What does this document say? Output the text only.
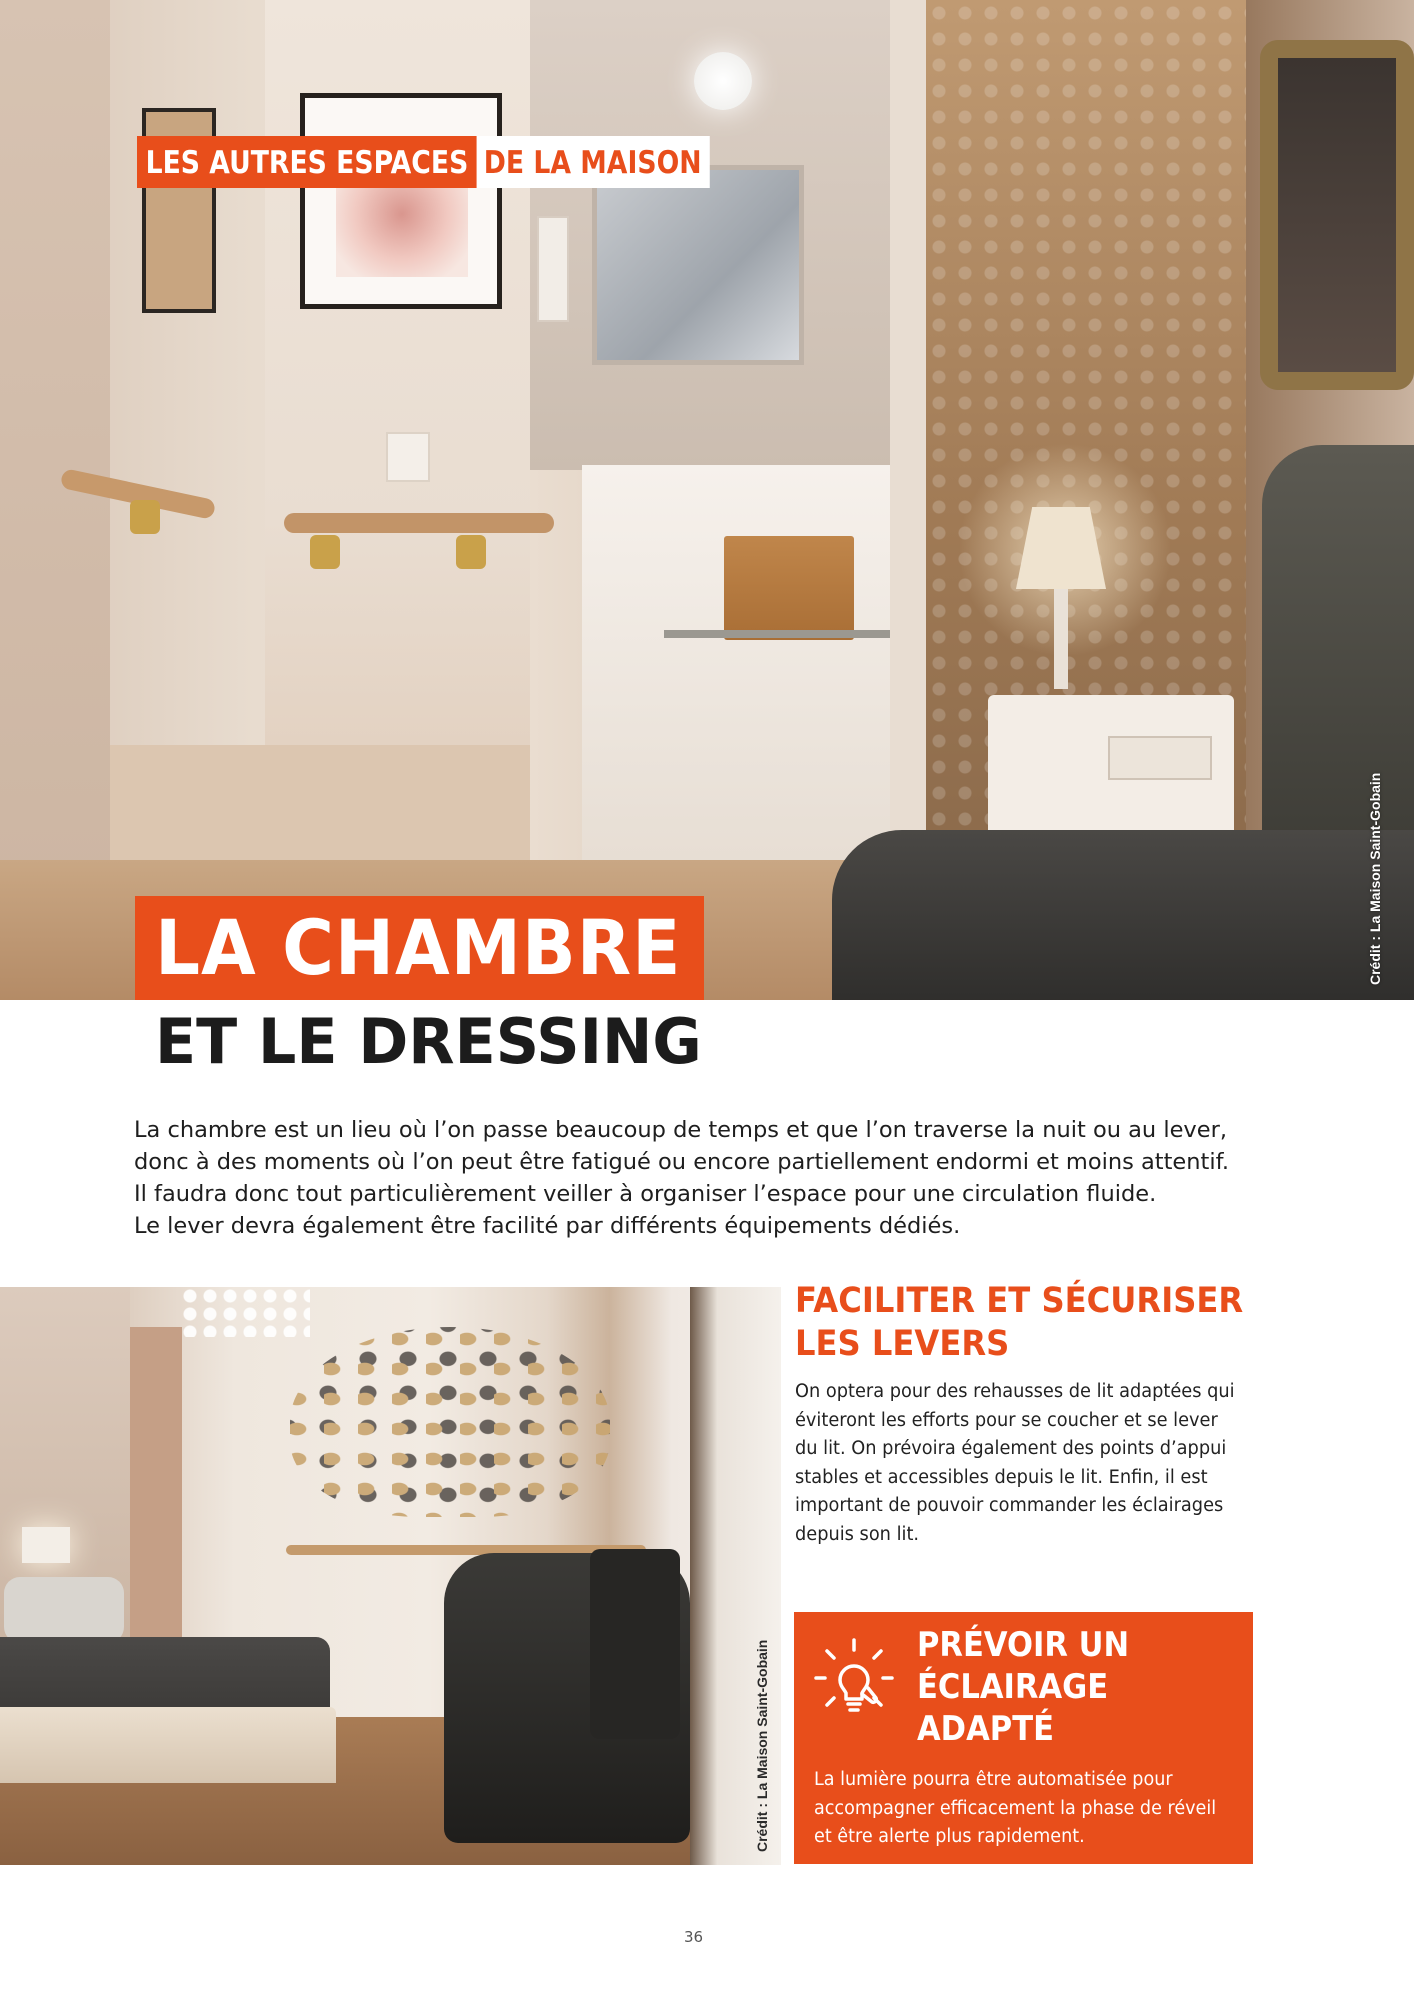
Crédit : La Maison Saint-Gobain
LES AUTRES ESPACES DE LA MAISON
LA CHAMBRE
ET LE DRESSING

La chambre est un lieu où l’on passe beaucoup de temps et que l’on traverse la nuit ou au lever,

donc à des moments où l’on peut être fatigué ou encore partiellement endormi et moins attentif.

Il faudra donc tout particulièrement veiller à organiser l’espace pour une circulation fluide.

Le lever devra également être facilité par différents équipements dédiés.

Crédit : La Maison Saint-Gobain
FACILITER ET SÉCURISER
LES LEVERS

On optera pour des rehausses de lit adaptées qui

éviteront les efforts pour se coucher et se lever

du lit. On prévoira également des points d’appui

stables et accessibles depuis le lit. Enfin, il est

important de pouvoir commander les éclairages

depuis son lit.

PRÉVOIR UN
ÉCLAIRAGE
ADAPTÉ

La lumière pourra être automatisée pour

accompagner efficacement la phase de réveil

et être alerte plus rapidement.

36
